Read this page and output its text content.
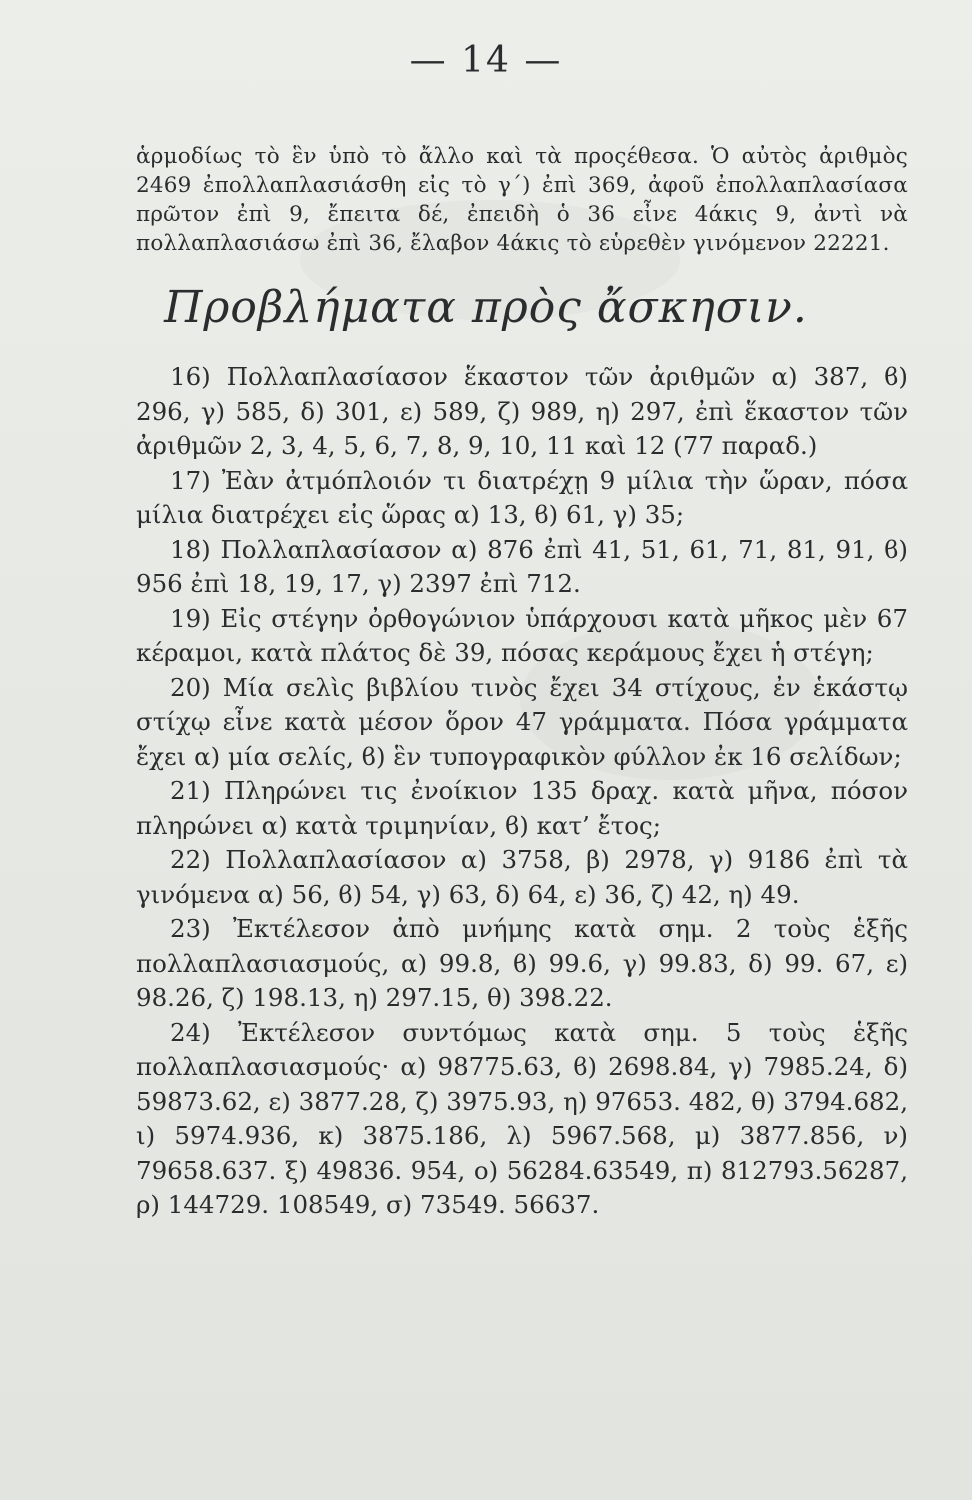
— 14 —

ἁρμοδίως τὸ ἓν ὑπὸ τὸ ἄλλο καὶ τὰ προςέθεσα. Ὁ αὐτὸς ἀριθμὸς 2469 ἐπολλαπλασιάσθη εἰς τὸ γ΄) ἐπὶ 369, ἀφοῦ ἐπολλαπλασίασα πρῶτον ἐπὶ 9, ἔπειτα δέ, ἐπειδὴ ὁ 36 εἶνε 4άκις 9, ἀντὶ νὰ πολλαπλασιάσω ἐπὶ 36, ἔλαβον 4άκις τὸ εὑρεθὲν γινόμενον 22221.

Προβλήματα πρὸς ἄσκησιν.

16) Πολλαπλασίασον ἕκαστον τῶν ἀριθμῶν α) 387, ϐ) 296, γ) 585, δ) 301, ε) 589, ζ) 989, η) 297, ἐπὶ ἕκαστον τῶν ἀριθμῶν 2, 3, 4, 5, 6, 7, 8, 9, 10, 11 καὶ 12 (77 παραδ.)

17) Ἐὰν ἀτμόπλοιόν τι διατρέχῃ 9 μίλια τὴν ὥραν, πόσα μίλια διατρέχει εἰς ὥρας α) 13, ϐ) 61, γ) 35;

18) Πολλαπλασίασον α) 876 ἐπὶ 41, 51, 61, 71, 81, 91, ϐ) 956 ἐπὶ 18, 19, 17, γ) 2397 ἐπὶ 712.

19) Εἰς στέγην ὀρθογώνιον ὑπάρχουσι κατὰ μῆκος μὲν 67 κέραμοι, κατὰ πλάτος δὲ 39, πόσας κεράμους ἔχει ἡ στέγη;

20) Μία σελὶς βιβλίου τινὸς ἔχει 34 στίχους, ἐν ἑκάστῳ στίχῳ εἶνε κατὰ μέσον ὅρον 47 γράμματα. Πόσα γράμματα ἔχει α) μία σελίς, ϐ) ἓν τυπογραφικὸν φύλλον ἐκ 16 σελίδων;

21) Πληρώνει τις ἐνοίκιον 135 δραχ. κατὰ μῆνα, πόσον πληρώνει α) κατὰ τριμηνίαν, ϐ) κατ’ ἔτος;

22) Πολλαπλασίασον α) 3758, β) 2978, γ) 9186 ἐπὶ τὰ γινόμενα α) 56, ϐ) 54, γ) 63, δ) 64, ε) 36, ζ) 42, η) 49.

23) Ἐκτέλεσον ἀπὸ μνήμης κατὰ σημ. 2 τοὺς ἑξῆς πολλαπλασιασμούς, α) 99.8, ϐ) 99.6, γ) 99.83, δ) 99. 67, ε) 98.26, ζ) 198.13, η) 297.15, θ) 398.22.

24) Ἐκτέλεσον συντόμως κατὰ σημ. 5 τοὺς ἑξῆς πολλαπλασιασμούς· α) 98775.63, ϐ) 2698.84, γ) 7985.24, δ) 59873.62, ε) 3877.28, ζ) 3975.93, η) 97653. 482, θ) 3794.682, ι) 5974.936, κ) 3875.186, λ) 5967.568, μ) 3877.856, ν) 79658.637. ξ) 49836. 954, ο) 56284.63549, π) 812793.56287, ρ) 144729. 108549, σ) 73549. 56637.
